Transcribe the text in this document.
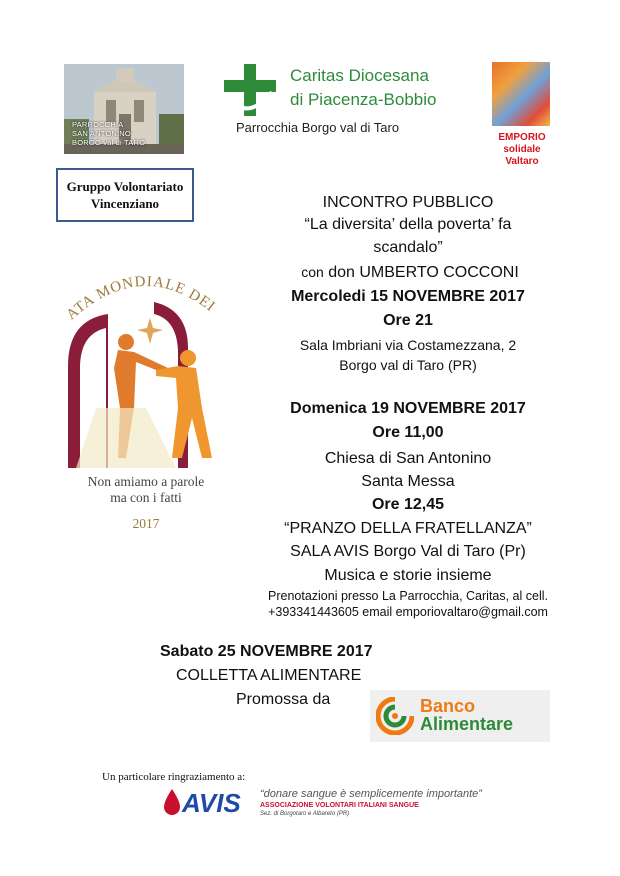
PARROCCHIA
SAN ANTONINO
BORGO val di TARO
Caritas Diocesana
di Piacenza-Bobbio
Parrocchia Borgo val di Taro
EMPORIO
solidale
Valtaro
Gruppo Volontariato
Vincenziano
ATA MONDIALE DEI
Non amiamo a parole
ma con i fatti
2017
INCONTRO PUBBLICO
“La diversita’ della poverta’ fa
scandalo”
con don UMBERTO COCCONI
Mercoledi 15 NOVEMBRE 2017
Ore 21
Sala Imbriani via Costamezzana, 2
Borgo val di Taro (PR)
Domenica 19 NOVEMBRE 2017
Ore 11,00
Chiesa di San Antonino
Santa Messa
Ore 12,45
“PRANZO DELLA FRATELLANZA”
SALA AVIS Borgo Val di Taro (Pr)
Musica e storie insieme
Prenotazioni presso La Parrocchia, Caritas, al cell.
+393341443605 email emporiovaltaro@gmail.com
Sabato 25 NOVEMBRE 2017
COLLETTA ALIMENTARE
Promossa da	Banco
Alimentare
Un particolare ringraziamento a:
AVIS “donare sangue è semplicemente importante”
ASSOCIAZIONE VOLONTARI ITALIANI SANGUE
Sez. di Borgotaro e Albareto (PR)
